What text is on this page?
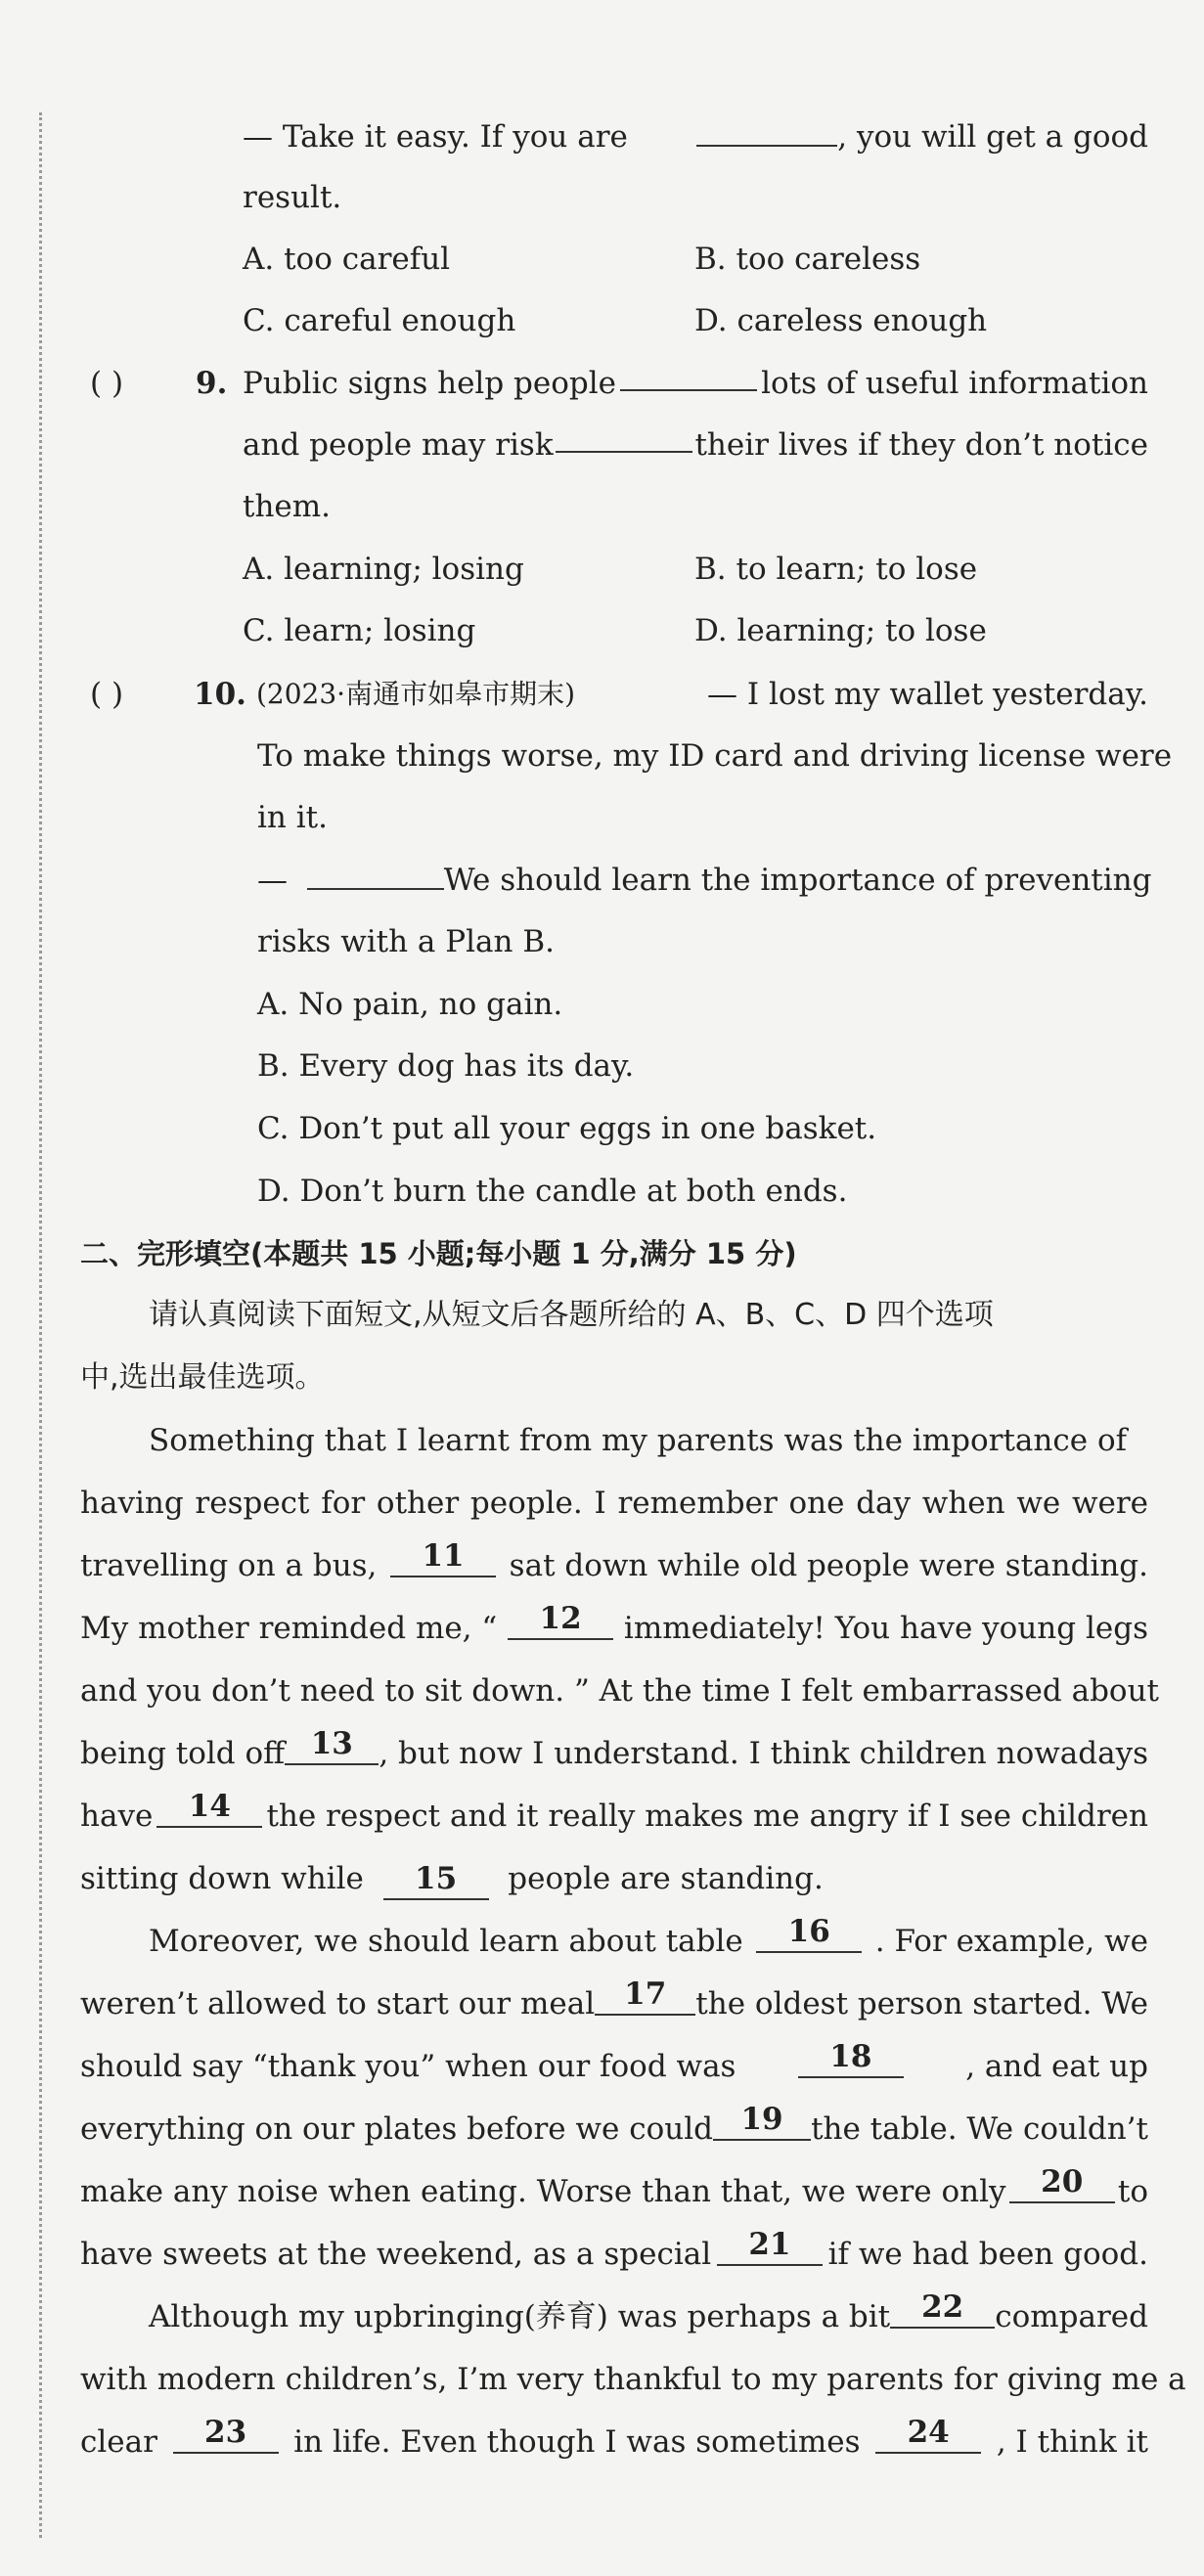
— Take it easy. If you are	, you will get a good
result.
A. too careful	B. too careless
C. careful enough	D. careless enough
( ) 9. Public signs help people	lots of useful information
and people may risk	their lives if they don’t notice
them.
A. learning; losing	B. to learn; to lose
C. learn; losing	D. learning; to lose
( ) 10. (2023·南通市如皋市期末)	— I lost my wallet yesterday.
To make things worse, my ID card and driving license were
in it.
—	We should learn the importance of preventing
risks with a Plan B.
A. No pain, no gain.
B. Every dog has its day.
C. Don’t put all your eggs in one basket.
D. Don’t burn the candle at both ends.
二、完形填空(本题共 15 小题;每小题 1 分,满分 15 分)
请认真阅读下面短文,从短文后各题所给的 A、B、C、D 四个选项
中,选出最佳选项。
Something that I learnt from my parents was the importance of
having respect for other people. I remember one day when we were
travelling on a bus,	11	sat down while old people were standing.
My mother reminded me, “	12	immediately! You have young legs
and you don’t need to sit down. ” At the time I felt embarrassed about
being told off 13 , but now I understand. I think children nowadays
have	14	the respect and it really makes me angry if I see children
sitting down while 15 people are standing.
Moreover, we should learn about table	16	. For example, we
weren’t allowed to start our meal 17 the oldest person started. We
should say “thank you” when our food was	18	, and eat up
everything on our plates before we could 19 the table. We couldn’t
make any noise when eating. Worse than that, we were only	20	to
have sweets at the weekend, as a special	21	if we had been good.
Although my upbringing(养育) was perhaps a bit	22	compared
with modern children’s, I’m very thankful to my parents for giving me a
clear	23	in life. Even though I was sometimes	24	, I think it
